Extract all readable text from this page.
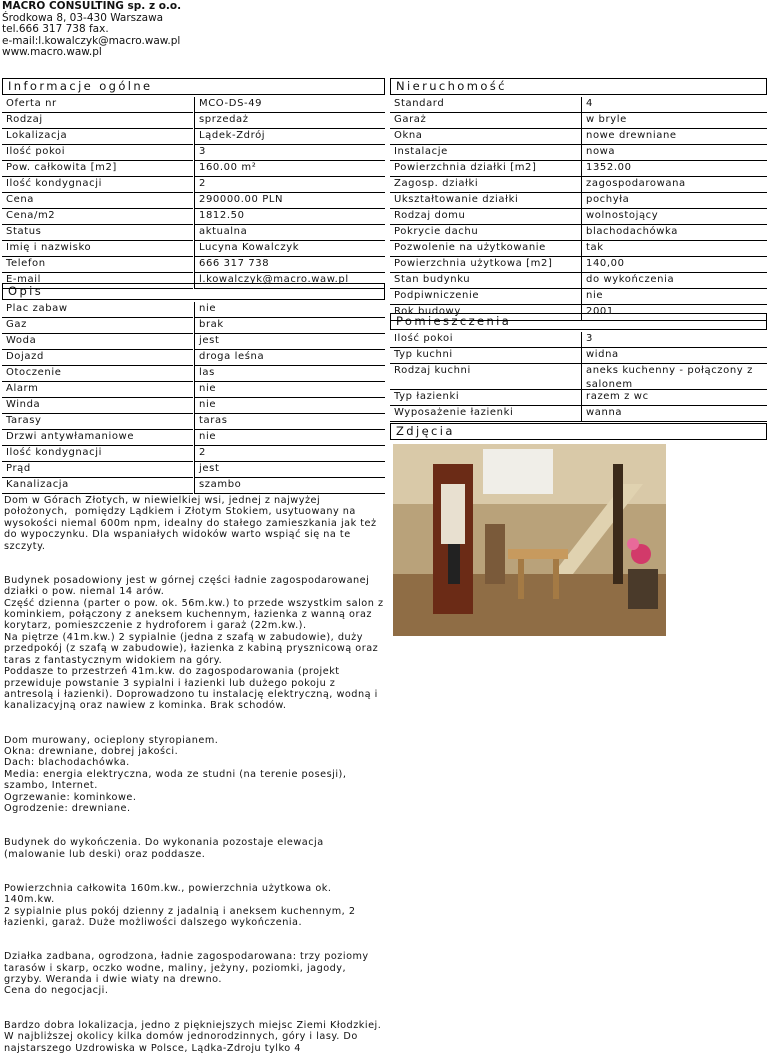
MACRO CONSULTING sp. z o.o.
Środkowa 8, 03-430 Warszawa
tel.666 317 738 fax.
e-mail:l.kowalczyk@macro.waw.pl
www.macro.waw.pl
Informacje ogólne
Opis
Nieruchomość
Pomieszczenia
Zdjęcia
Oferta nr	MCO-DS-49
Rodzaj	sprzedaż
Lokalizacja	Lądek-Zdrój
Ilość pokoi	3
Pow. całkowita [m2]	160.00 m²
Ilość kondygnacji	2
Cena	290000.00 PLN
Cena/m2	1812.50
Status	aktualna
Imię i nazwisko	Lucyna Kowalczyk
Telefon	666 317 738
E-mail	l.kowalczyk@macro.waw.pl
Plac zabaw	nie
Gaz	brak
Woda	jest
Dojazd	droga leśna
Otoczenie	las
Alarm	nie
Winda	nie
Tarasy	taras
Drzwi antywłamaniowe	nie
Ilość kondygnacji	2
Prąd	jest
Kanalizacja	szambo
Standard	4
Garaż	w bryle
Okna	nowe drewniane
Instalacje	nowa
Powierzchnia działki [m2]	1352.00
Zagosp. działki	zagospodarowana
Ukształtowanie działki	pochyła
Rodzaj domu	wolnostojący
Pokrycie dachu	blachodachówka
Pozwolenie na użytkowanie	tak
Powierzchnia użytkowa [m2]	140,00
Stan budynku	do wykończenia
Podpiwniczenie	nie
Rok budowy	2001
Ilość pokoi	3
Typ kuchni	widna
Rodzaj kuchni	aneks kuchenny - połączony z salonem
Typ łazienki	razem z wc
Wyposażenie łazienki	wanna
Dom w Górach Złotych, w niewielkiej wsi, jednej z najwyżej położonych,  pomiędzy Lądkiem i Złotym Stokiem, usytuowany na wysokości niemal 600m npm, idealny do stałego zamieszkania jak też do wypoczynku. Dla wspaniałych widoków warto wspiąć się na te szczyty.

Budynek posadowiony jest w górnej części ładnie zagospodarowanej działki o pow. niemal 14 arów.
Część dzienna (parter o pow. ok. 56m.kw.) to przede wszystkim salon z kominkiem, połączony z aneksem kuchennym, łazienka z wanną oraz korytarz, pomieszczenie z hydroforem i garaż (22m.kw.).
Na piętrze (41m.kw.) 2 sypialnie (jedna z szafą w zabudowie), duży przedpokój (z szafą w zabudowie), łazienka z kabiną prysznicową oraz taras z fantastycznym widokiem na góry.
Poddasze to przestrzeń 41m.kw. do zagospodarowania (projekt przewiduje powstanie 3 sypialni i łazienki lub dużego pokoju z antresolą i łazienki). Doprowadzono tu instalację elektryczną, wodną i kanalizacyjną oraz nawiew z kominka. Brak schodów.

Dom murowany, ocieplony styropianem.
Okna: drewniane, dobrej jakości.
Dach: blachodachówka.
Media: energia elektryczna, woda ze studni (na terenie posesji), szambo, Internet.
Ogrzewanie: kominkowe.
Ogrodzenie: drewniane.

Budynek do wykończenia. Do wykonania pozostaje elewacja (malowanie lub deski) oraz poddasze.

Powierzchnia całkowita 160m.kw., powierzchnia użytkowa ok. 140m.kw.
2 sypialnie plus pokój dzienny z jadalnią i aneksem kuchennym, 2 łazienki, garaż. Duże możliwości dalszego wykończenia.

Działka zadbana, ogrodzona, ładnie zagospodarowana: trzy poziomy tarasów i skarp, oczko wodne, maliny, jeżyny, poziomki, jagody, grzyby. Weranda i dwie wiaty na drewno.
Cena do negocjacji.

Bardzo dobra lokalizacja, jedno z piękniejszych miejsc Ziemi Kłodzkiej. W najbliższej okolicy kilka domów jednorodzinnych, góry i lasy. Do najstarszego Uzdrowiska w Polsce, Lądka-Zdroju tylko 4
